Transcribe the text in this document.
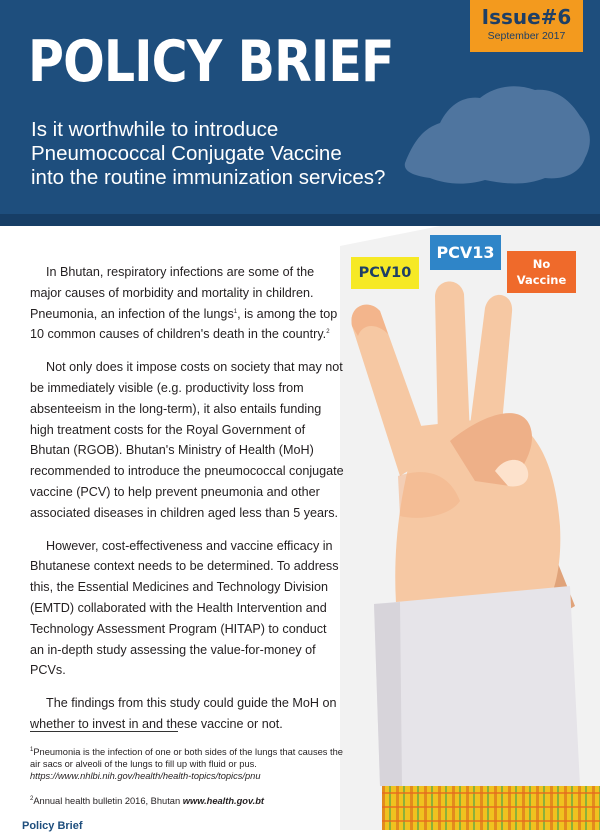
POLICY BRIEF
Is it worthwhile to introduce
Pneumococcal Conjugate Vaccine
into the routine immunization services?
Issue#6
September 2017
PCV10
PCV13
No
Vaccine

In Bhutan, respiratory infections are some of the major causes of morbidity and mortality in children. Pneumonia, an infection of the lungs$^1$, is among the top 10 common causes of children's death in the country.$^2$

Not only does it impose costs on society that may not be immediately visible (e.g. productivity loss from absenteeism in the long-term), it also entails funding high treatment costs for the Royal Government of Bhutan (RGOB). Bhutan's Ministry of Health (MoH) recommended to introduce the pneumococcal conjugate vaccine (PCV) to help prevent pneumonia and other associated diseases in children aged less than 5 years.

However, cost-effectiveness and vaccine efficacy in Bhutanese context needs to be determined. To address this, the Essential Medicines and Technology Division (EMTD) collaborated with the Health Intervention and Technology Assessment Program (HITAP) to conduct an in-depth study assessing the value-for-money of PCVs.

The findings from this study could guide the MoH on whether to invest in and these vaccine or not.

$^1$Pneumonia is the infection of one or both sides of the lungs that causes the air sacs or alveoli of the lungs to fill up with fluid or pus.
https://www.nhlbi.nih.gov/health/health-topics/topics/pnu
$^2$Annual health bulletin 2016, Bhutan www.health.gov.bt
Policy Brief
